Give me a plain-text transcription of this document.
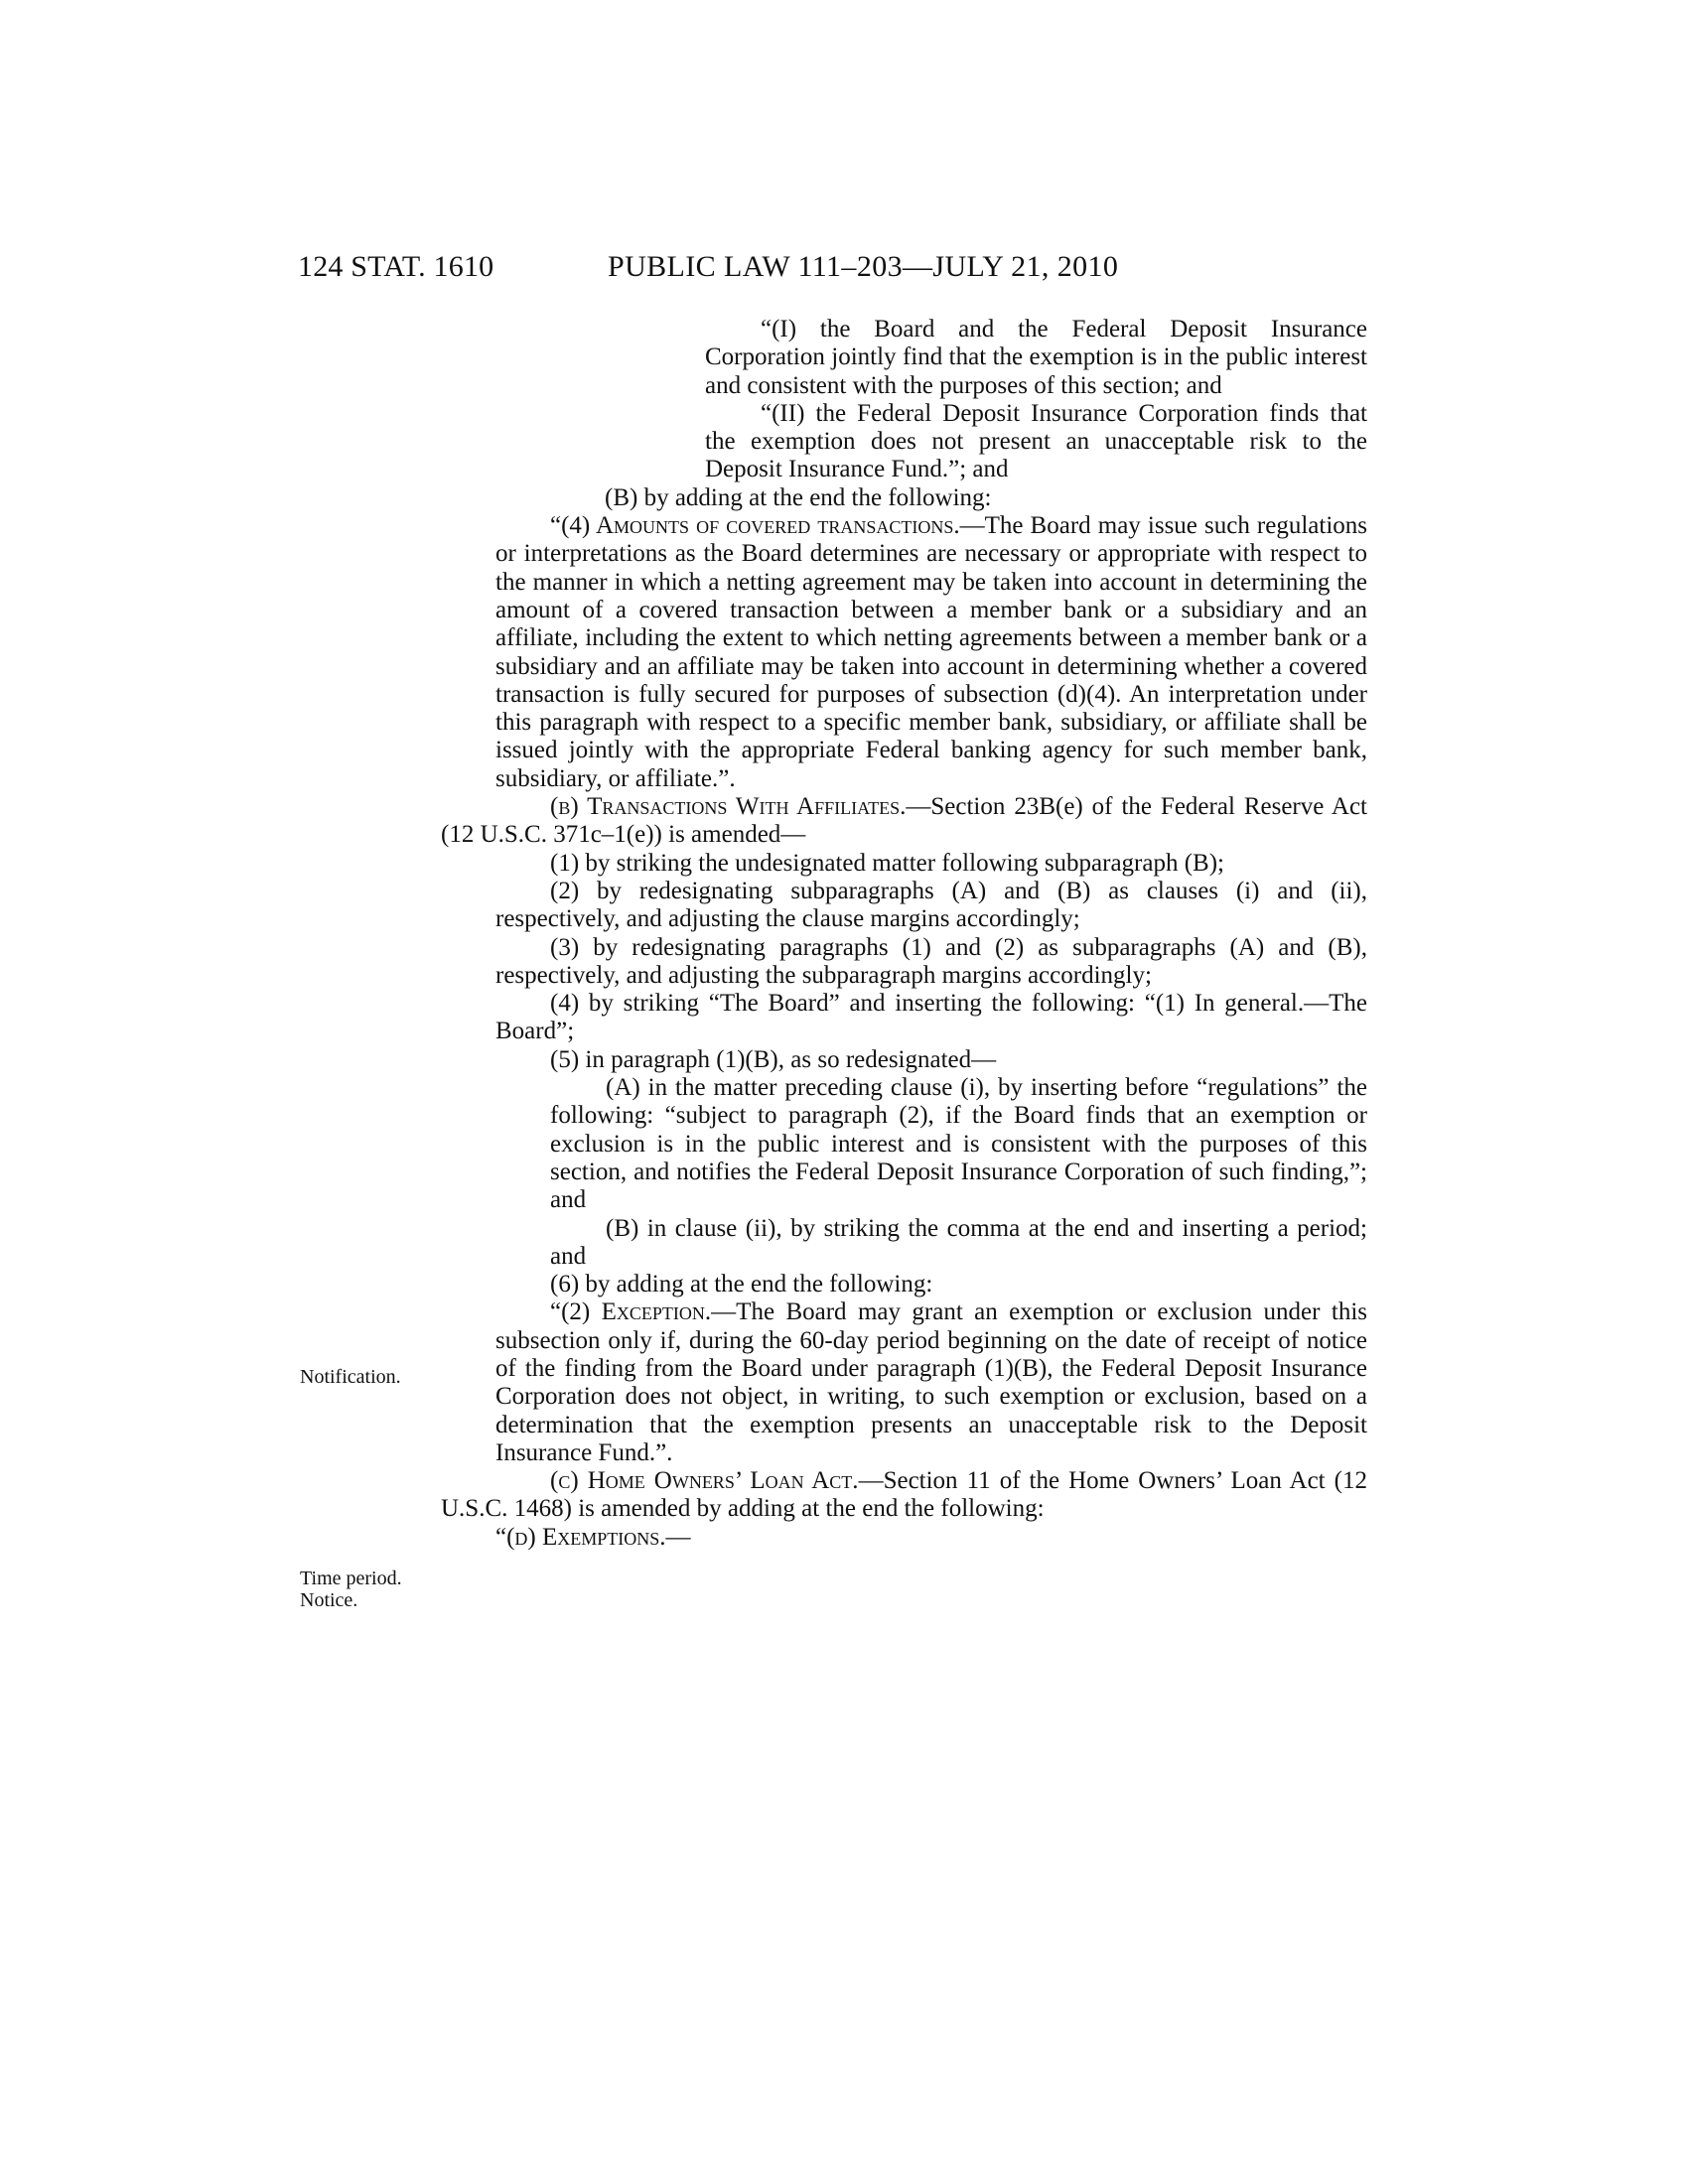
124 STAT. 1610	PUBLIC LAW 111–203—JULY 21, 2010
Notification.
Time period.
Notice.

“(I) the Board and the Federal Deposit Insurance Corporation jointly find that the exemption is in the public interest and consistent with the purposes of this section; and

“(II) the Federal Deposit Insurance Corporation finds that the exemption does not present an unacceptable risk to the Deposit Insurance Fund.”; and

(B) by adding at the end the following:

“(4) Amounts of covered transactions.—The Board may issue such regulations or interpretations as the Board determines are necessary or appropriate with respect to the manner in which a netting agreement may be taken into account in determining the amount of a covered transaction between a member bank or a subsidiary and an affiliate, including the extent to which netting agreements between a member bank or a subsidiary and an affiliate may be taken into account in determining whether a covered transaction is fully secured for purposes of subsection (d)(4). An interpretation under this paragraph with respect to a specific member bank, subsidiary, or affiliate shall be issued jointly with the appropriate Federal banking agency for such member bank, subsidiary, or affiliate.”.

(b) Transactions With Affiliates.—Section 23B(e) of the Federal Reserve Act (12 U.S.C. 371c–1(e)) is amended—

(1) by striking the undesignated matter following subparagraph (B);

(2) by redesignating subparagraphs (A) and (B) as clauses (i) and (ii), respectively, and adjusting the clause margins accordingly;

(3) by redesignating paragraphs (1) and (2) as subparagraphs (A) and (B), respectively, and adjusting the subparagraph margins accordingly;

(4) by striking “The Board” and inserting the following: “(1) In general.—The Board”;

(5) in paragraph (1)(B), as so redesignated—

(A) in the matter preceding clause (i), by inserting before “regulations” the following: “subject to paragraph (2), if the Board finds that an exemption or exclusion is in the public interest and is consistent with the purposes of this section, and notifies the Federal Deposit Insurance Corporation of such finding,”; and

(B) in clause (ii), by striking the comma at the end and inserting a period; and

(6) by adding at the end the following:

“(2) Exception.—The Board may grant an exemption or exclusion under this subsection only if, during the 60-day period beginning on the date of receipt of notice of the finding from the Board under paragraph (1)(B), the Federal Deposit Insurance Corporation does not object, in writing, to such exemption or exclusion, based on a determination that the exemption presents an unacceptable risk to the Deposit Insurance Fund.”.

(c) Home Owners’ Loan Act.—Section 11 of the Home Owners’ Loan Act (12 U.S.C. 1468) is amended by adding at the end the following:

“(d) Exemptions.—
